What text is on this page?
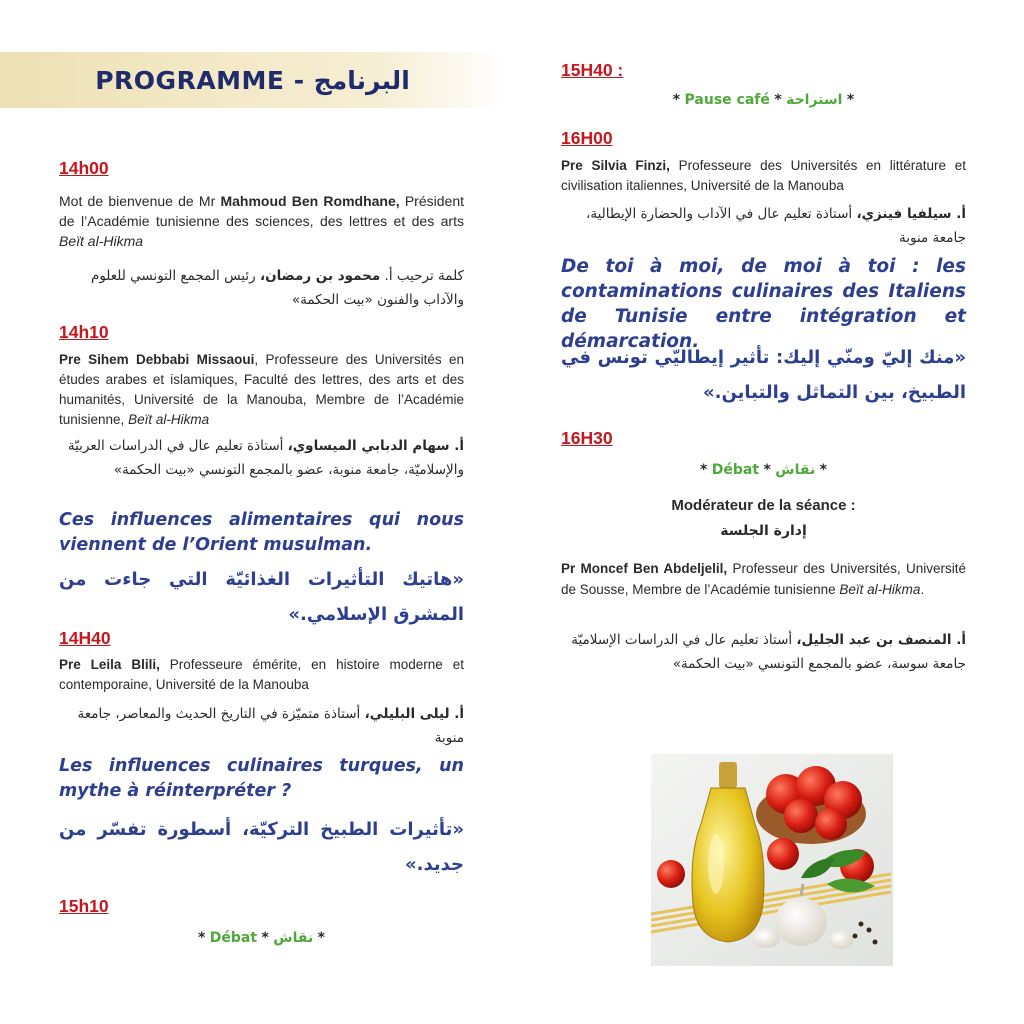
PROGRAMME - البرنامج
14h00
Mot de bienvenue de Mr Mahmoud Ben Romdhane, Président de l’Académie tunisienne des sciences, des lettres et des arts Beït al-Hikma
كلمة ترحيب أ. محمود بن رمضان، رئيس المجمع التونسي للعلوم والآداب والفنون «بيت الحكمة»
14h10
Pre Sihem Debbabi Missaoui, Professeure des Universités en études arabes et islamiques, Faculté des lettres, des arts et des humanités, Université de la Manouba, Membre de l’Académie tunisienne, Beït al-Hikma
أ. سهام الدبابي الميساوي، أستاذة تعليم عال في الدراسات العربيّة والإسلاميّة، جامعة منوبة، عضو بالمجمع التونسي «بيت الحكمة»
Ces influences alimentaires qui nous viennent de l’Orient musulman.
«هاتيك التأثيرات الغذائيّة التي جاءت من المشرق الإسلامي.»
14H40
Pre Leila Blili, Professeure émérite, en histoire moderne et contemporaine, Université de la Manouba
أ. ليلى البليلي، أستاذة متميّزة في التاريخ الحديث والمعاصر، جامعة منوبة
Les influences culinaires turques, un mythe à réinterpréter ?
«تأثيرات الطبيخ التركيّة، أسطورة تفسّر من جديد.»
15h10
* Débat * نقاش *
15H40 :
* Pause café * استراحة *
16H00
Pre Silvia Finzi, Professeure des Universités en littérature et civilisation italiennes, Université de la Manouba
أ. سيلفيا فينزي، أستاذة تعليم عال في الآداب والحضارة الإيطالية، جامعة منوبة
De toi à moi, de moi à toi : les contaminations culinaires des Italiens de Tunisie entre intégration et démarcation.
«منك إليّ ومنّي إليك: تأثير إيطاليّي تونس في الطبيخ، بين التماثل والتباين.»
16H30
* Débat * نقاش *
Modérateur de la séance :
إدارة الجلسة
Pr Moncef Ben Abdeljelil, Professeur des Universités, Université de Sousse, Membre de l’Académie tunisienne Beït al-Hikma.
أ. المنصف بن عبد الجليل، أستاذ تعليم عال في الدراسات الإسلاميّة جامعة سوسة، عضو بالمجمع التونسي «بيت الحكمة»
